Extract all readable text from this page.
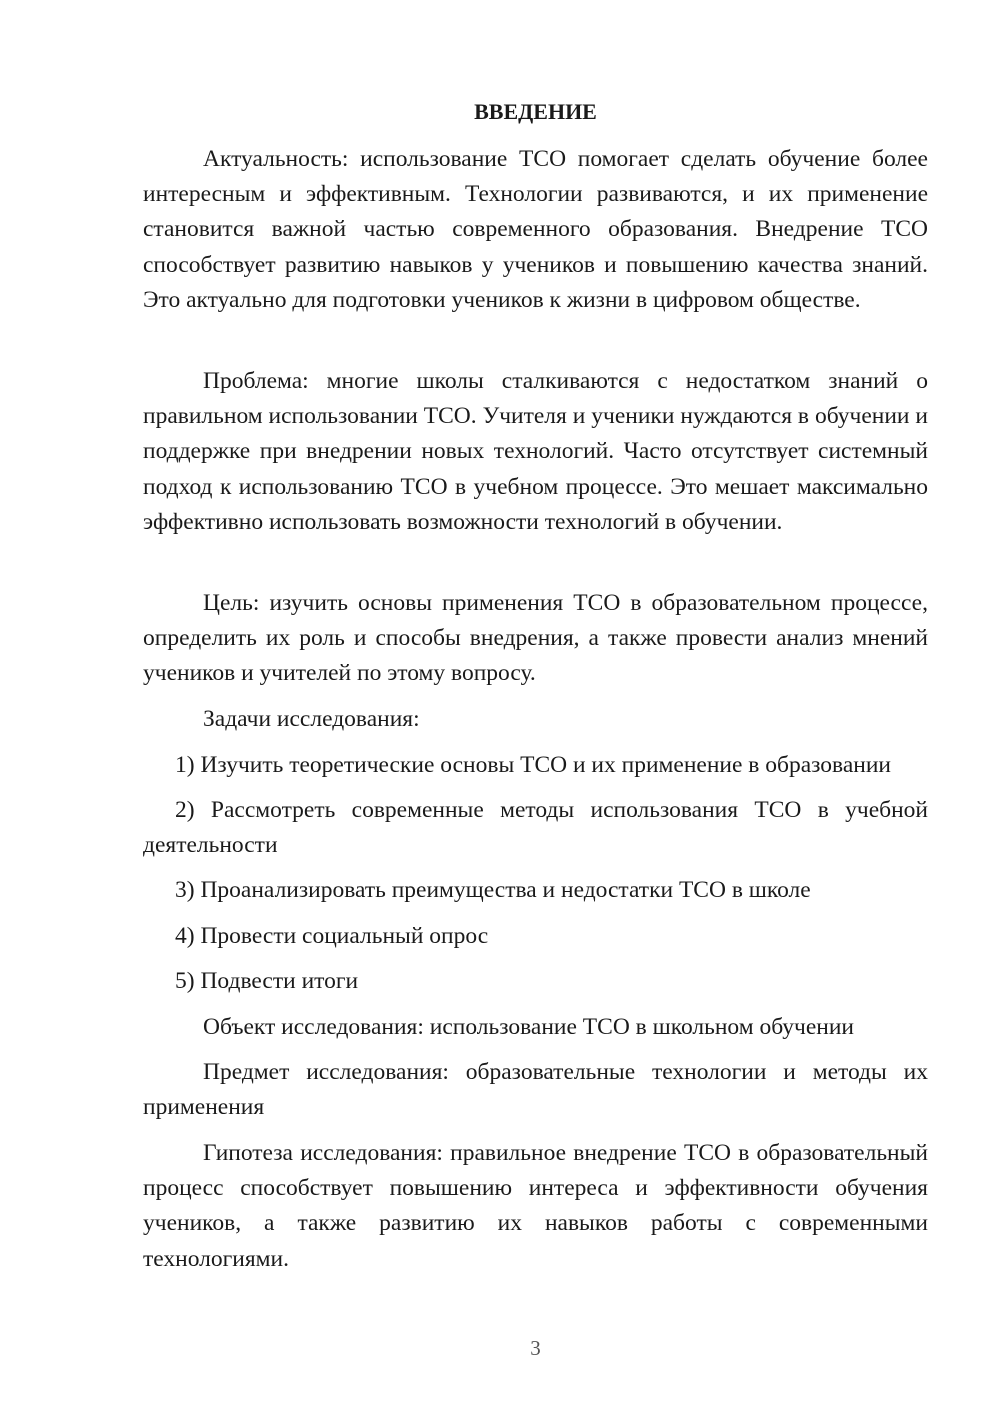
ВВЕДЕНИЕ

Актуальность: использование ТСО помогает сделать обучение более интересным и эффективным. Технологии развиваются, и их применение становится важной частью современного образования. Внедрение ТСО способствует развитию навыков у учеников и повышению качества знаний. Это актуально для подготовки учеников к жизни в цифровом обществе.

Проблема: многие школы сталкиваются с недостатком знаний о правильном использовании ТСО. Учителя и ученики нуждаются в обучении и поддержке при внедрении новых технологий. Часто отсутствует системный подход к использованию ТСО в учебном процессе. Это мешает максимально эффективно использовать возможности технологий в обучении.

Цель: изучить основы применения ТСО в образовательном процессе, определить их роль и способы внедрения, а также провести анализ мнений учеников и учителей по этому вопросу.

Задачи исследования:

1) Изучить теоретические основы ТСО и их применение в образовании

2) Рассмотреть современные методы использования ТСО в учебной деятельности

3) Проанализировать преимущества и недостатки ТСО в школе

4) Провести социальный опрос

5) Подвести итоги

Объект исследования: использование ТСО в школьном обучении

Предмет исследования: образовательные технологии и методы их применения

Гипотеза исследования: правильное внедрение ТСО в образовательный процесс способствует повышению интереса и эффективности обучения учеников, а также развитию их навыков работы с современными технологиями.

3
